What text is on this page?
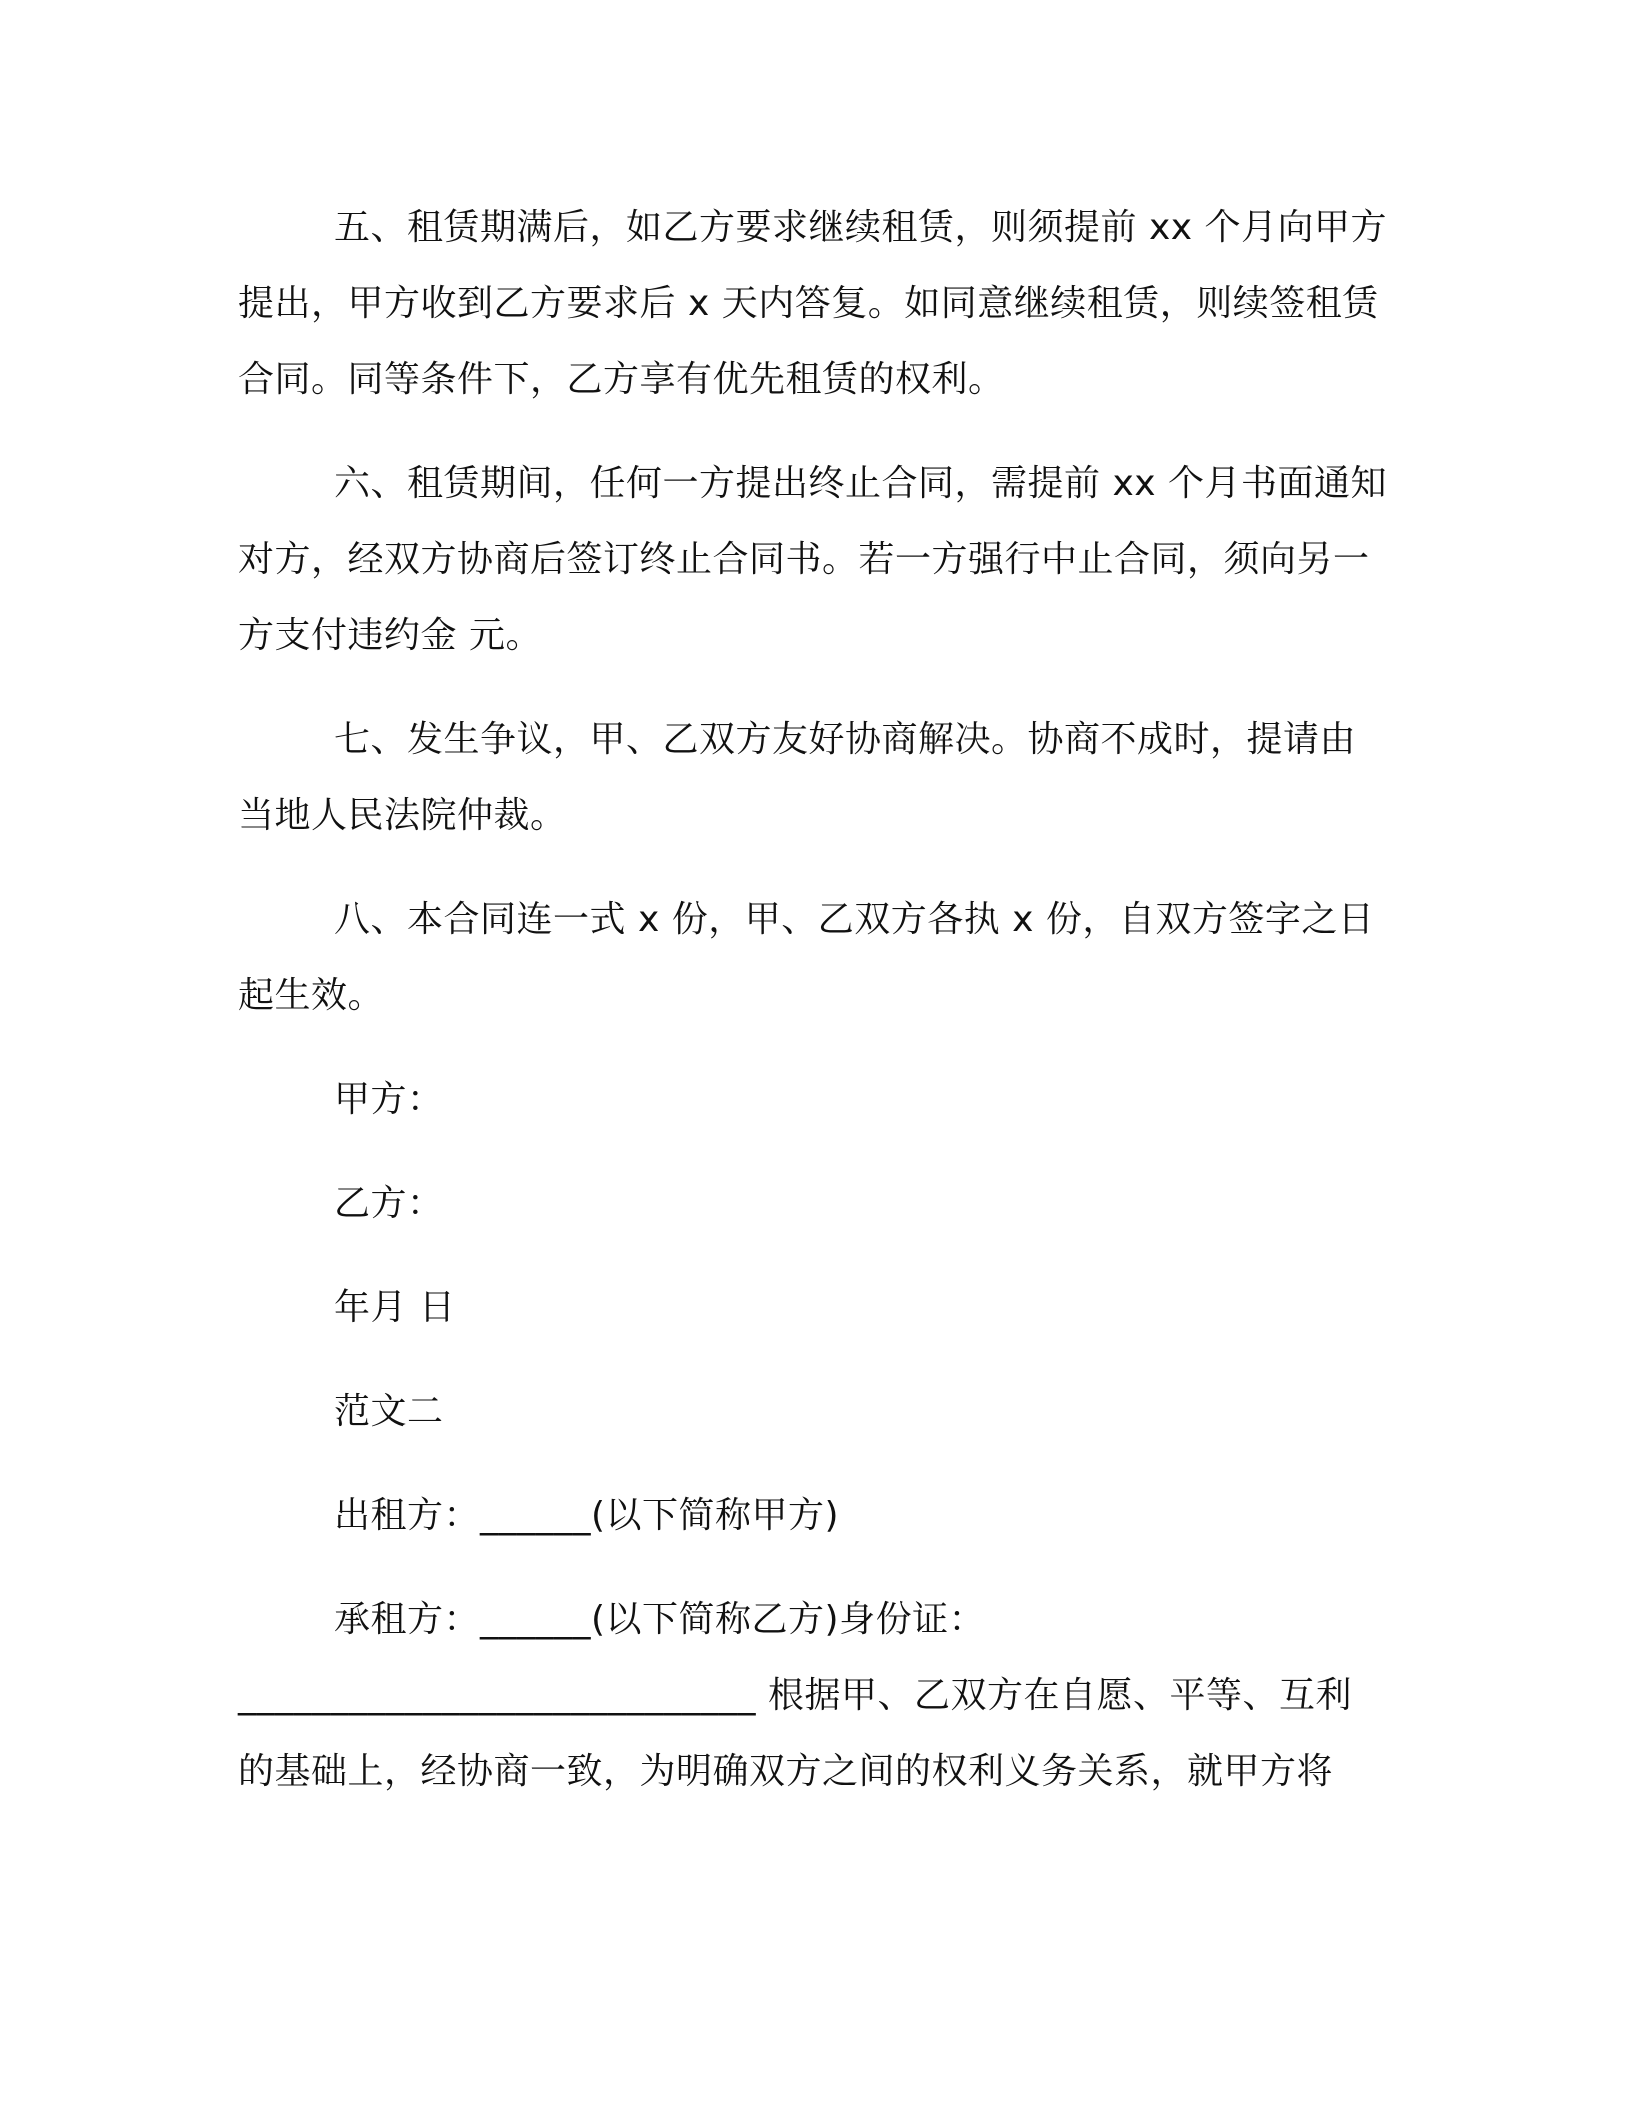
五、租赁期满后，如乙方要求继续租赁，则须提前 xx 个月向甲方提出，甲方收到乙方要求后 x 天内答复。如同意继续租赁，则续签租赁合同。同等条件下，乙方享有优先租赁的权利。

六、租赁期间，任何一方提出终止合同，需提前 xx 个月书面通知对方，经双方协商后签订终止合同书。若一方强行中止合同，须向另一方支付违约金 元。

七、发生争议，甲、乙双方友好协商解决。协商不成时，提请由当地人民法院仲裁。

八、本合同连一式 x 份，甲、乙双方各执 x 份，自双方签字之日起生效。

甲方：

乙方：

年月 日

范文二

出租方：______(以下简称甲方)

承租方：______(以下简称乙方)身份证：

____________________________ 根据甲、乙双方在自愿、平等、互利的基础上，经协商一致，为明确双方之间的权利义务关系，就甲方将
